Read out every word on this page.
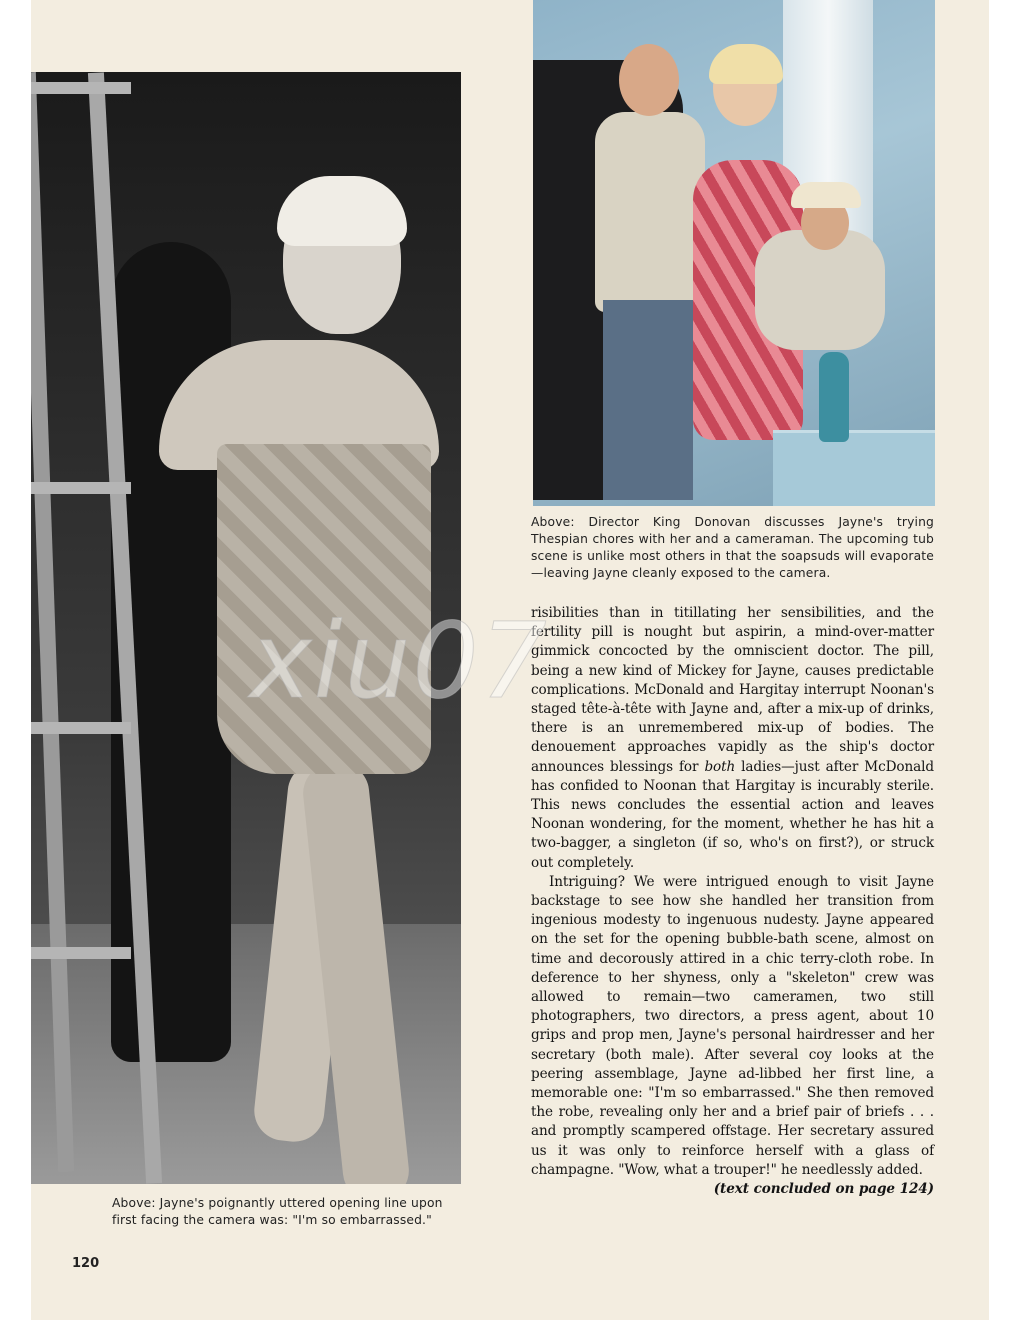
Above: Director King Donovan discusses Jayne's trying Thespian chores with her and a cameraman. The upcoming tub scene is unlike most others in that the soapsuds will evaporate—leaving Jayne cleanly exposed to the camera.

risibilities than in titillating her sensibilities, and the fertility pill is nought but aspirin, a mind-over-matter gimmick concocted by the omniscient doctor. The pill, being a new kind of Mickey for Jayne, causes predictable complications. McDonald and Hargitay interrupt Noonan's staged tête-à-tête with Jayne and, after a mix-up of drinks, there is an unremembered mix-up of bodies. The denouement approaches vapidly as the ship's doctor announces blessings for both ladies—just after McDonald has confided to Noonan that Hargitay is incurably sterile. This news concludes the essential action and leaves Noonan wondering, for the moment, whether he has hit a two-bagger, a singleton (if so, who's on first?), or struck out completely.

Intriguing? We were intrigued enough to visit Jayne backstage to see how she handled her transition from ingenious modesty to ingenuous nudesty. Jayne appeared on the set for the opening bubble-bath scene, almost on time and decorously attired in a chic terry-cloth robe. In deference to her shyness, only a "skeleton" crew was allowed to remain—two cameramen, two still photographers, two directors, a press agent, about 10 grips and prop men, Jayne's personal hairdresser and her secretary (both male). After several coy looks at the peering assemblage, Jayne ad-libbed her first line, a memorable one: "I'm so embarrassed." She then removed the robe, revealing only her and a brief pair of briefs . . . and promptly scampered offstage. Her secretary assured us it was only to reinforce herself with a glass of champagne. "Wow, what a trouper!" he needlessly added.
(text concluded on page 124)

Above: Jayne's poignantly uttered opening line upon first facing the camera was: "I'm so embarrassed."
120
xiu07
